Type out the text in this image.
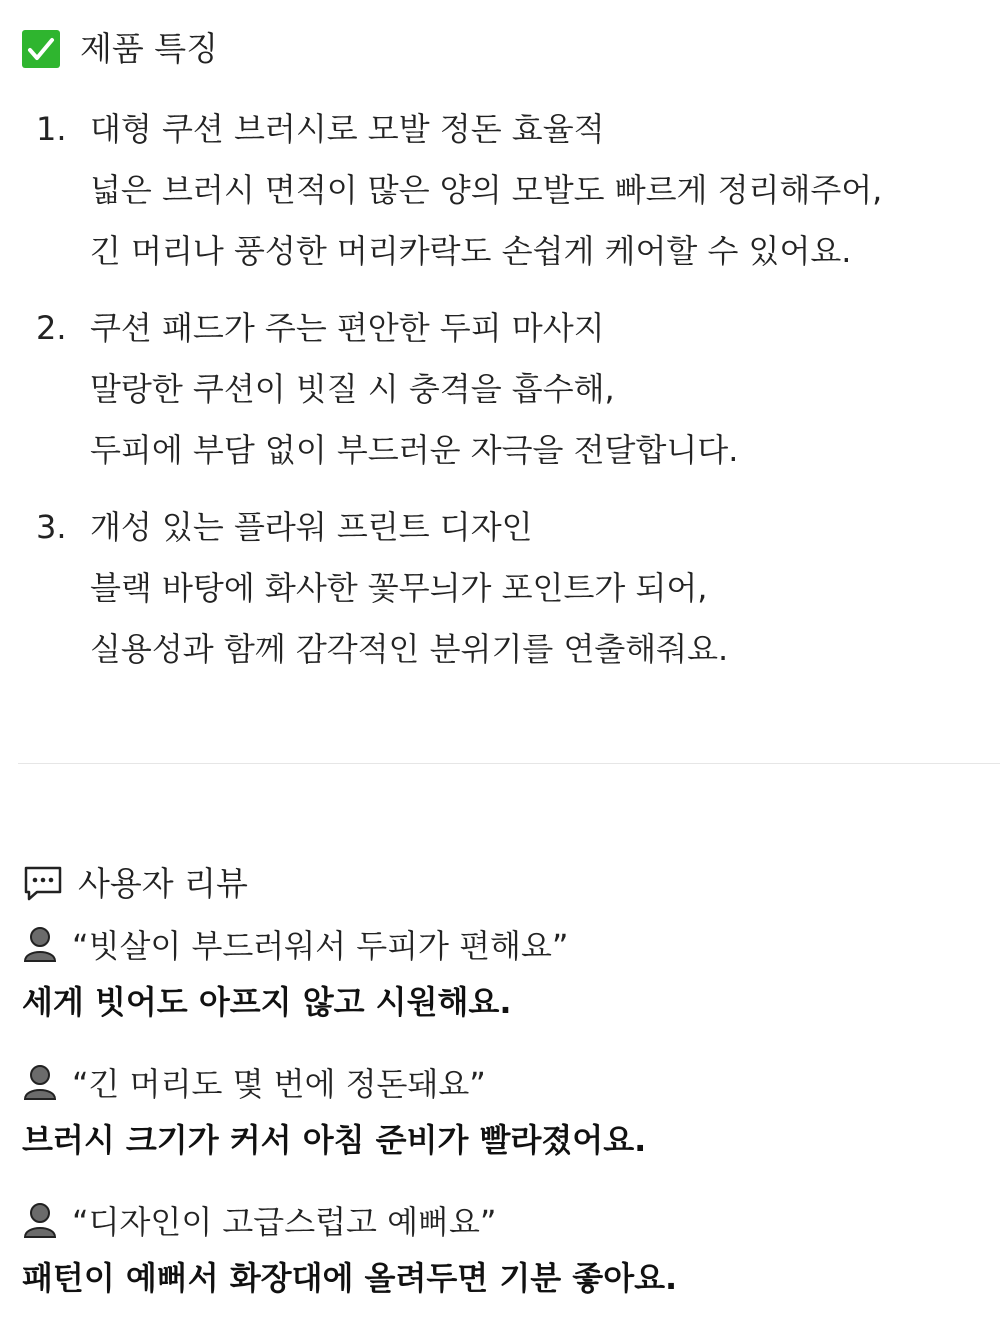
제품 특징
1. 대형 쿠션 브러시로 모발 정돈 효율적
넓은 브러시 면적이 많은 양의 모발도 빠르게 정리해주어,
긴 머리나 풍성한 머리카락도 손쉽게 케어할 수 있어요.
2. 쿠션 패드가 주는 편안한 두피 마사지
말랑한 쿠션이 빗질 시 충격을 흡수해,
두피에 부담 없이 부드러운 자극을 전달합니다.
3. 개성 있는 플라워 프린트 디자인
블랙 바탕에 화사한 꽃무늬가 포인트가 되어,
실용성과 함께 감각적인 분위기를 연출해줘요.
사용자 리뷰
“빗살이 부드러워서 두피가 편해요”
세게 빗어도 아프지 않고 시원해요.
“긴 머리도 몇 번에 정돈돼요”
브러시 크기가 커서 아침 준비가 빨라졌어요.
“디자인이 고급스럽고 예뻐요”
패턴이 예뻐서 화장대에 올려두면 기분 좋아요.
